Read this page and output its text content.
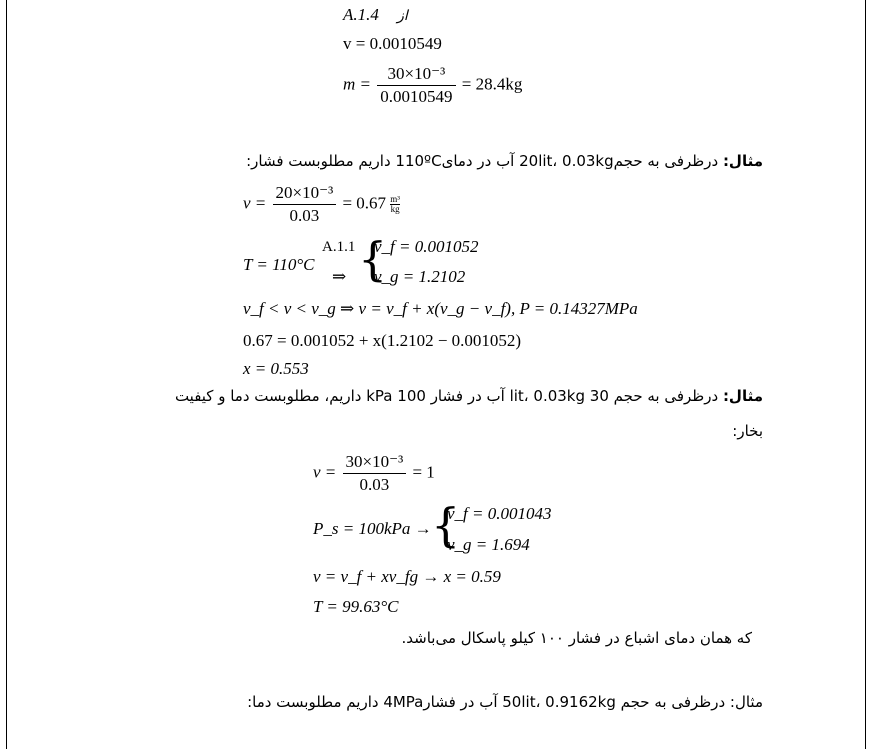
A.1.4 از
v = 0.0010549
$m = \frac{\text{30×10⁻³}}{0.0010549} = 28.4kg$
مثال: درظرفی به حجم20lit، 0.03kg آب در دمای110ºC داریم مطلوبست فشار:
$v = \frac{\text{20×10⁻³}}{0.03} = 0.67 \frac{\text{m³}}{kg}$
T = 110°C
A.1.1
⇒ {
v_f = 0.001052
v_g = 1.2102
v_f < v < v_g ⇒ v = v_f + x(v_g − v_f), P = 0.14327MPa
0.67 = 0.001052 + x(1.2102 − 0.001052)
x = 0.553
مثال: درظرفی به حجم 30 lit، 0.03kg آب در فشار 100 kPa داریم، مطلوبست دما و کیفیت
بخار:
$v = \frac{\text{30×10⁻³}}{0.03} = 1$
P_s = 100kPa → {
v_f = 0.001043
v_g = 1.694
v = v_f + xv_fg → x = 0.59
T = 99.63°C
که همان دمای اشباع در فشار ۱۰۰ کیلو پاسکال می‌باشد.
مثال: درظرفی به حجم 50lit، 0.9162kg آب در فشار4MPa داریم مطلوبست دما:
